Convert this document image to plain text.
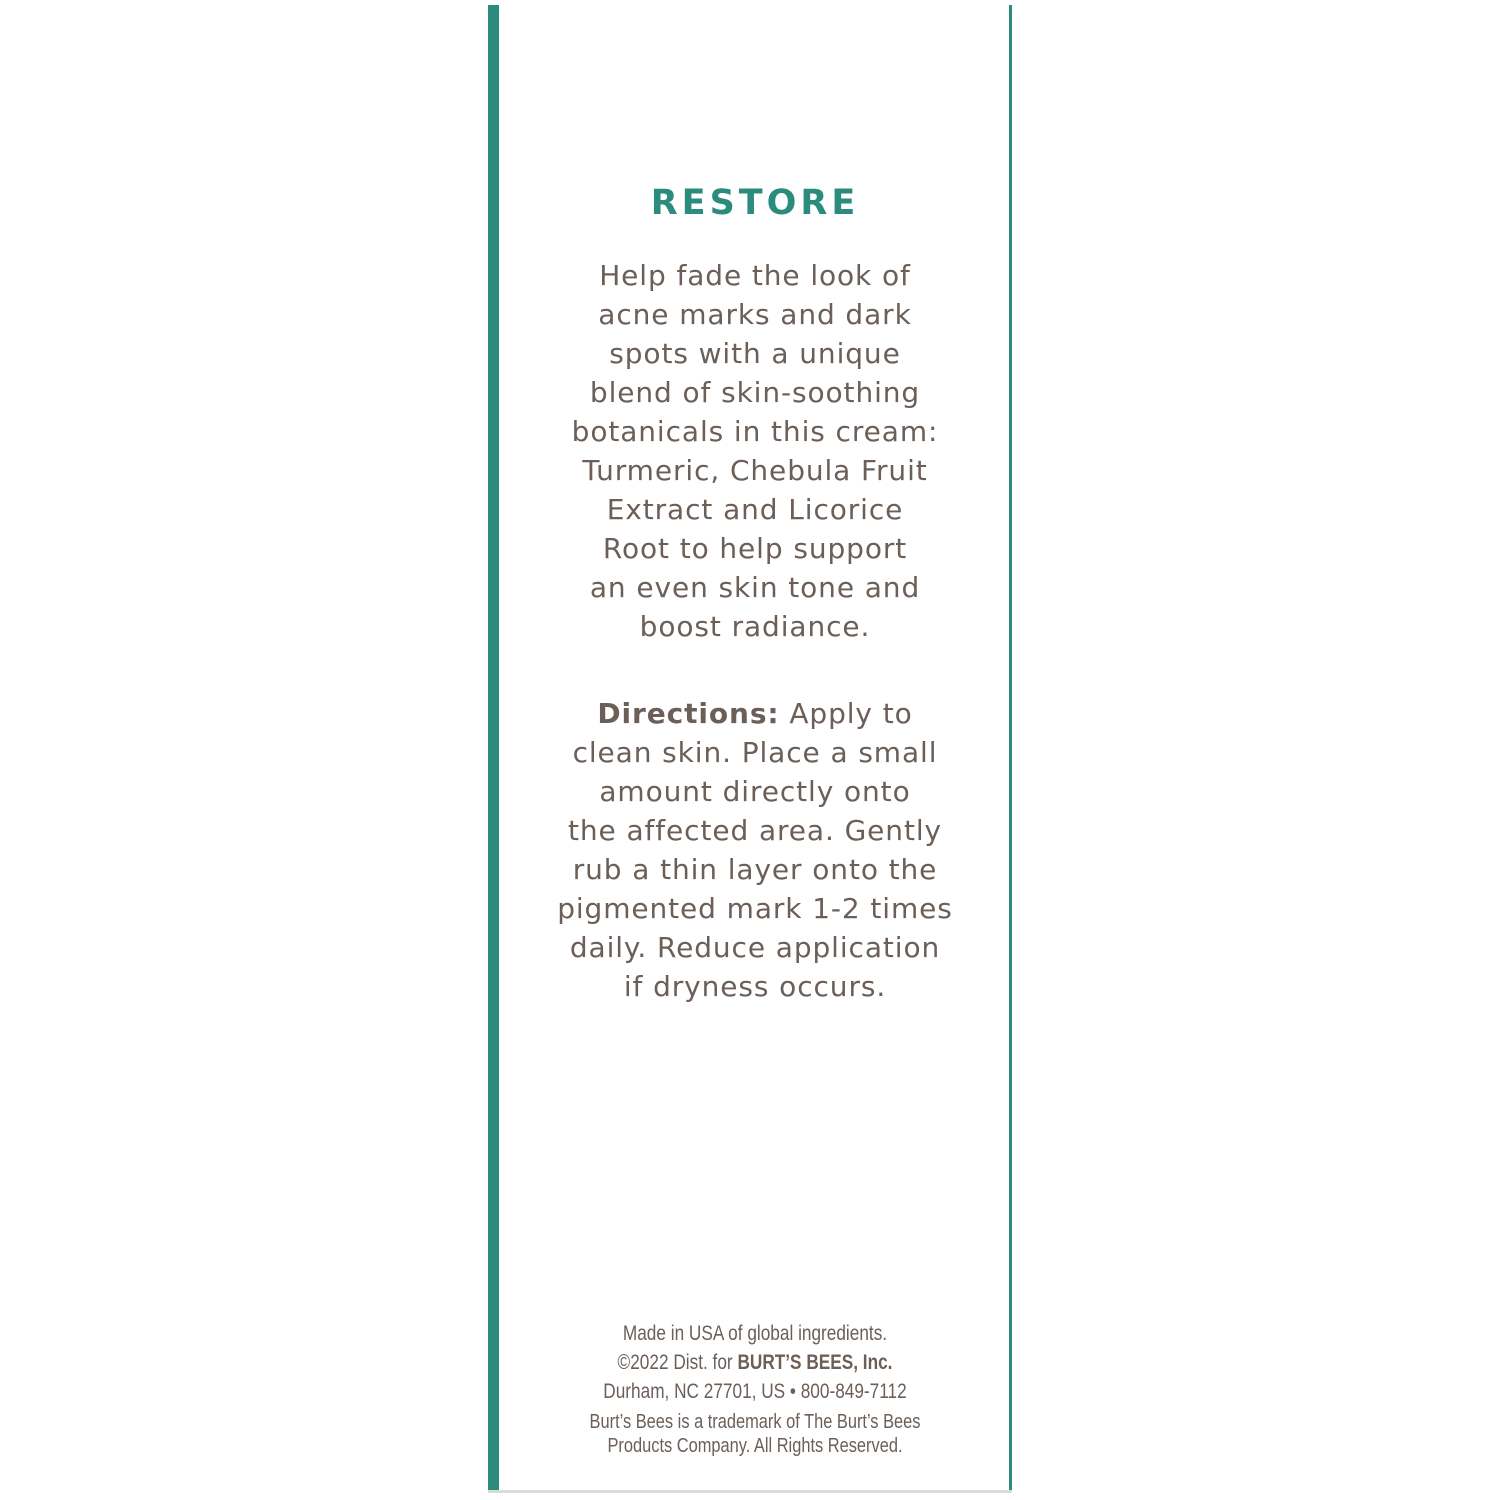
RESTORE
Help fade the look of
acne marks and dark
spots with a unique
blend of skin-soothing
botanicals in this cream:
Turmeric, Chebula Fruit
Extract and Licorice
Root to help support
an even skin tone and
boost radiance.
Directions: Apply to
clean skin. Place a small
amount directly onto
the affected area. Gently
rub a thin layer onto the
pigmented mark 1-2 times
daily. Reduce application
if dryness occurs.
Made in USA of global ingredients.
©2022 Dist. for BURT’S BEES, Inc.
Durham, NC 27701, US • 800-849-7112
Burt’s Bees is a trademark of The Burt’s Bees
Products Company. All Rights Reserved.
